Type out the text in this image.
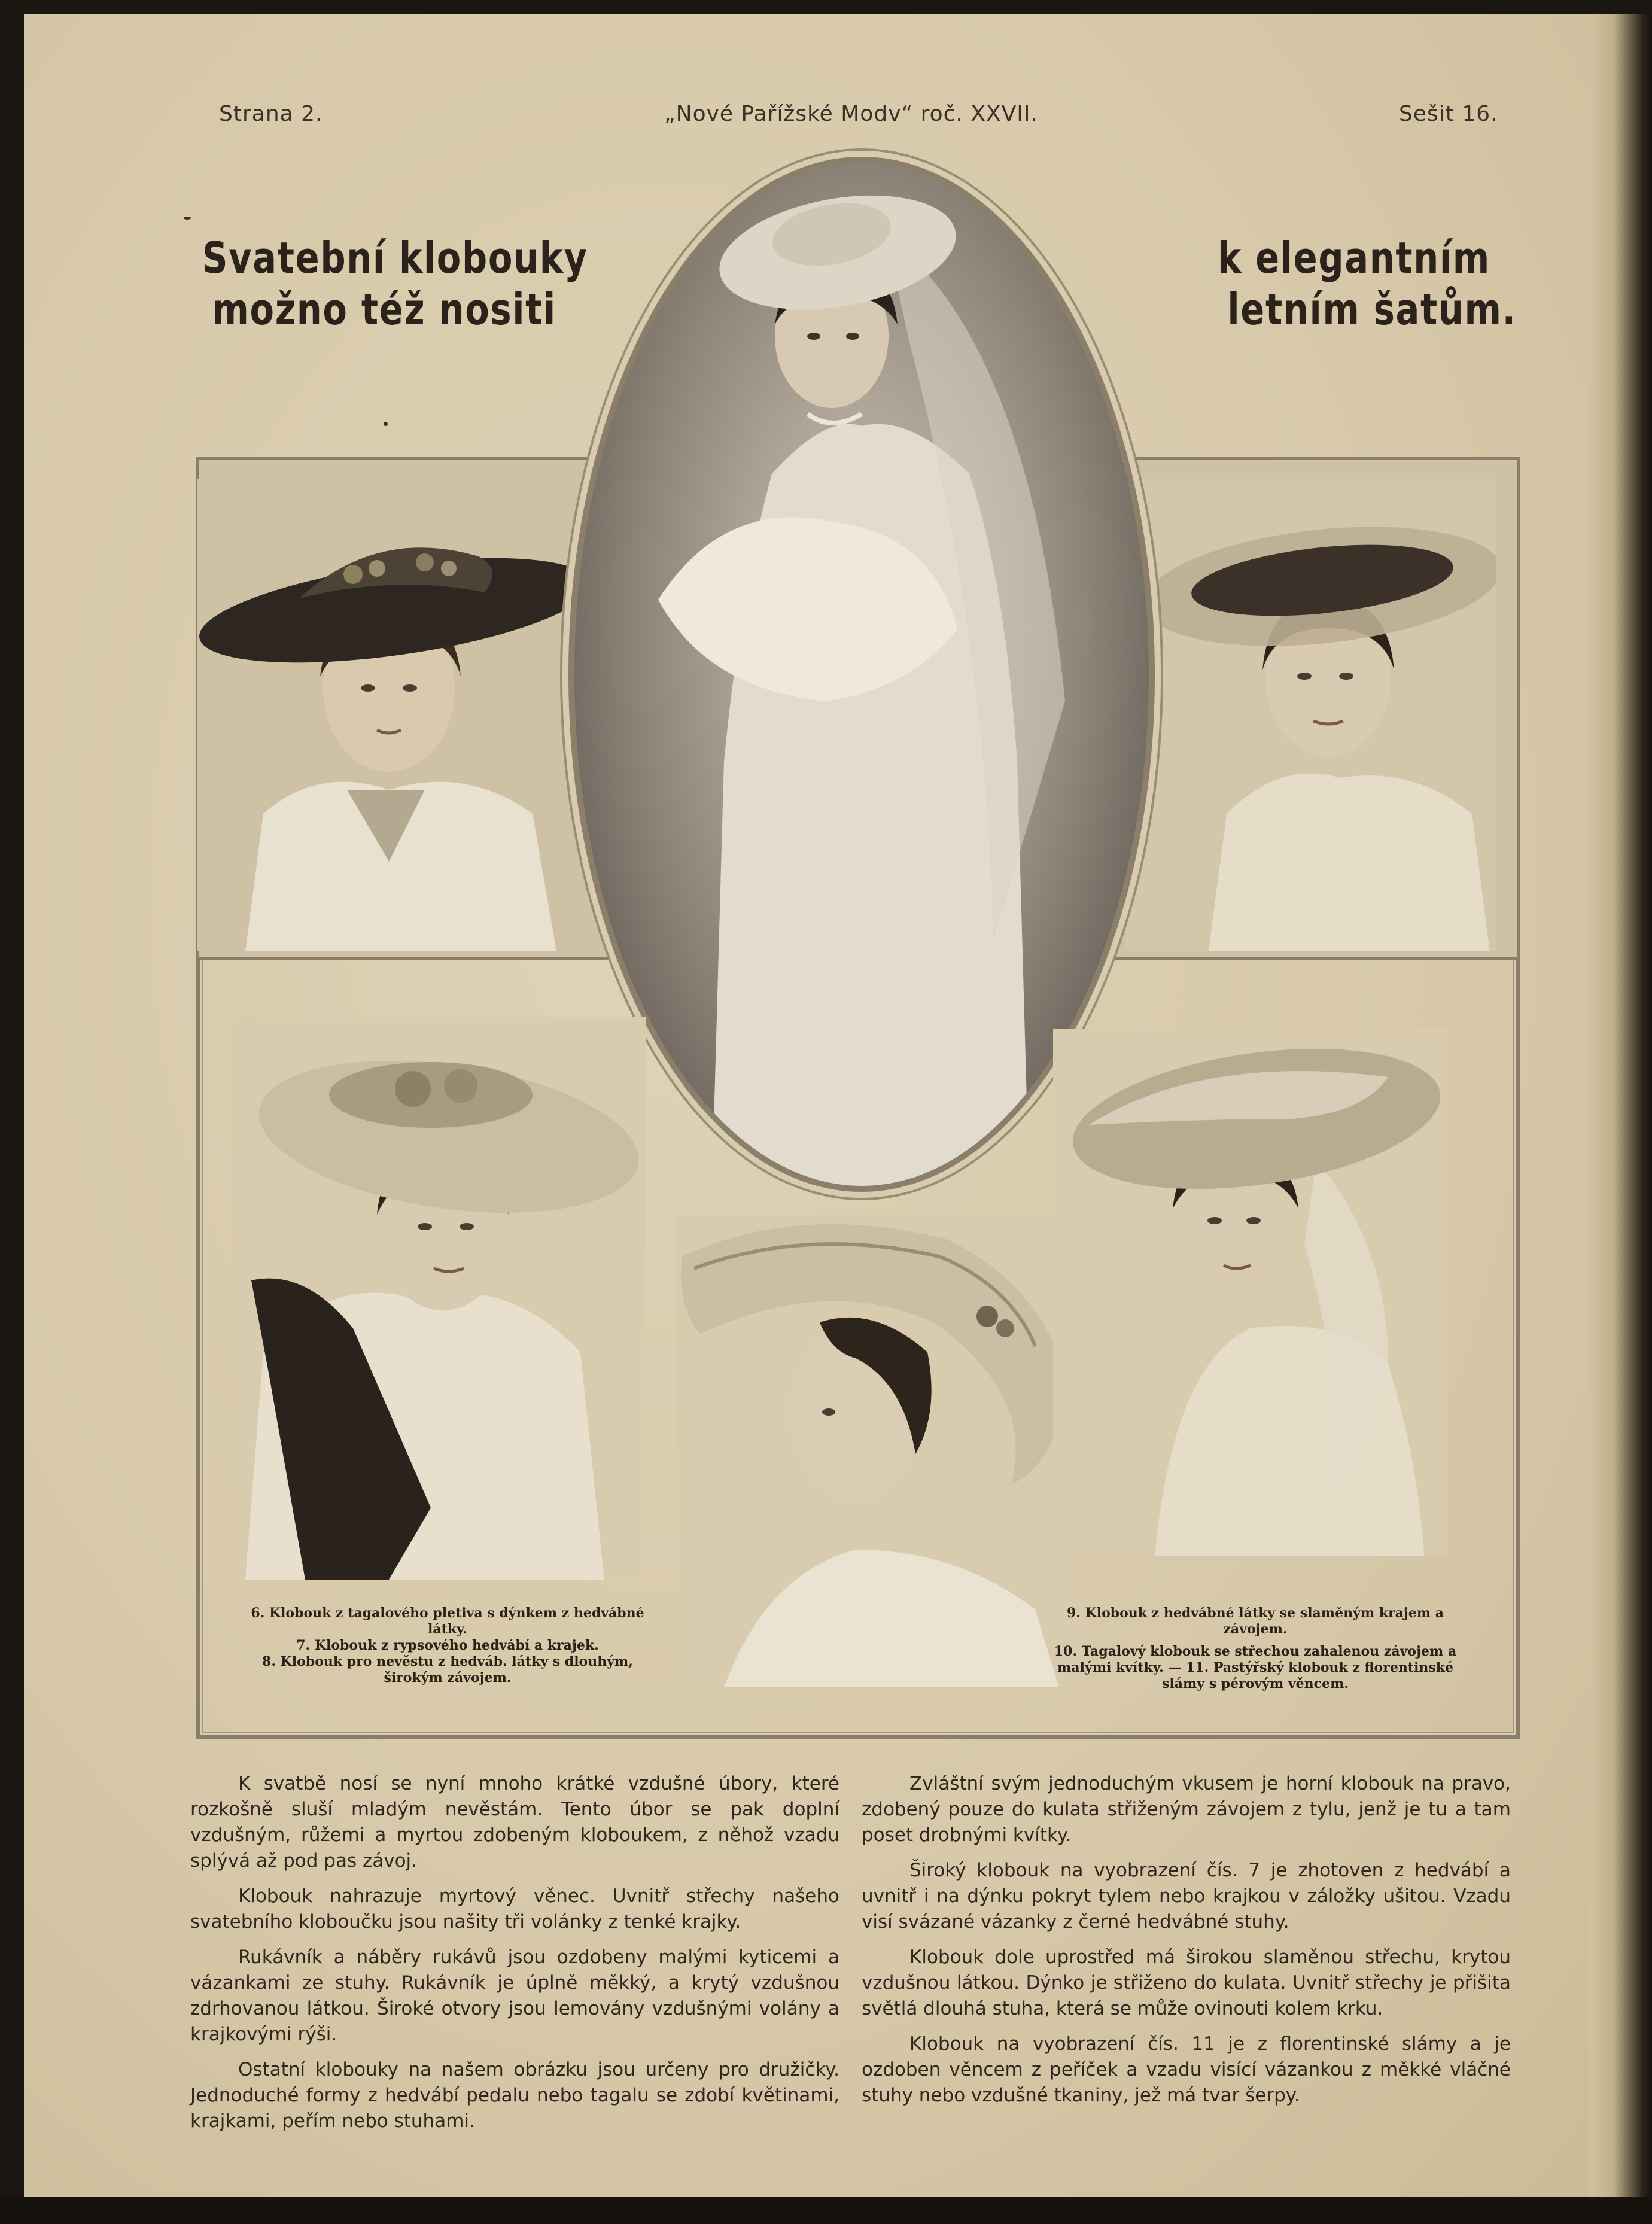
Strana 2.	„Nové Pařížské Modv“ roč. XXVII.	Sešit 16.
Svatební klobouky
možno též nositi
k elegantním
letním šatům.

6. Klobouk z tagalového pletiva s dýnkem z hedvábné látky.

7. Klobouk z rypsového hedvábí a krajek.

8. Klobouk pro nevěstu z hedváb. látky s dlouhým, širokým závojem.

9. Klobouk z hedvábné látky se slaměným krajem a závojem.

10. Tagalový klobouk se střechou zahalenou závojem a malými kvítky. — 11. Pastýřský klobouk z florentinské slámy s pérovým věncem.

K svatbě nosí se nyní mnoho krátké vzdušné úbory, které rozkošně sluší mladým nevěstám. Tento úbor se pak doplní vzdušným, růžemi a myrtou zdobeným kloboukem, z něhož vzadu splývá až pod pas závoj.

Klobouk nahrazuje myrtový věnec. Uvnitř střechy našeho svatebního kloboučku jsou našity tři volánky z tenké krajky.

Rukávník a náběry rukávů jsou ozdobeny malými kyticemi a vázankami ze stuhy. Rukávník je úplně měkký, a krytý vzdušnou zdrhovanou látkou. Široké otvory jsou lemovány vzdušnými volány a krajkovými rýši.

Ostatní klobouky na našem obrázku jsou určeny pro družičky. Jednoduché formy z hedvábí pedalu nebo tagalu se zdobí květinami, krajkami, peřím nebo stuhami.

Zvláštní svým jednoduchým vkusem je horní klobouk na pravo, zdobený pouze do kulata střiženým závojem z tylu, jenž je tu a tam poset drobnými kvítky.

Široký klobouk na vyobrazení čís. 7 je zhotoven z hedvábí a uvnitř i na dýnku pokryt tylem nebo krajkou v záložky ušitou. Vzadu visí svázané vázanky z černé hedvábné stuhy.

Klobouk dole uprostřed má širokou slaměnou střechu, krytou vzdušnou látkou. Dýnko je střiženo do kulata. Uvnitř střechy je přišita světlá dlouhá stuha, která se může ovinouti kolem krku.

Klobouk na vyobrazení čís. 11 je z florentinské slámy a je ozdoben věncem z peříček a vzadu visící vázankou z měkké vláčné stuhy nebo vzdušné tkaniny, jež má tvar šerpy.
